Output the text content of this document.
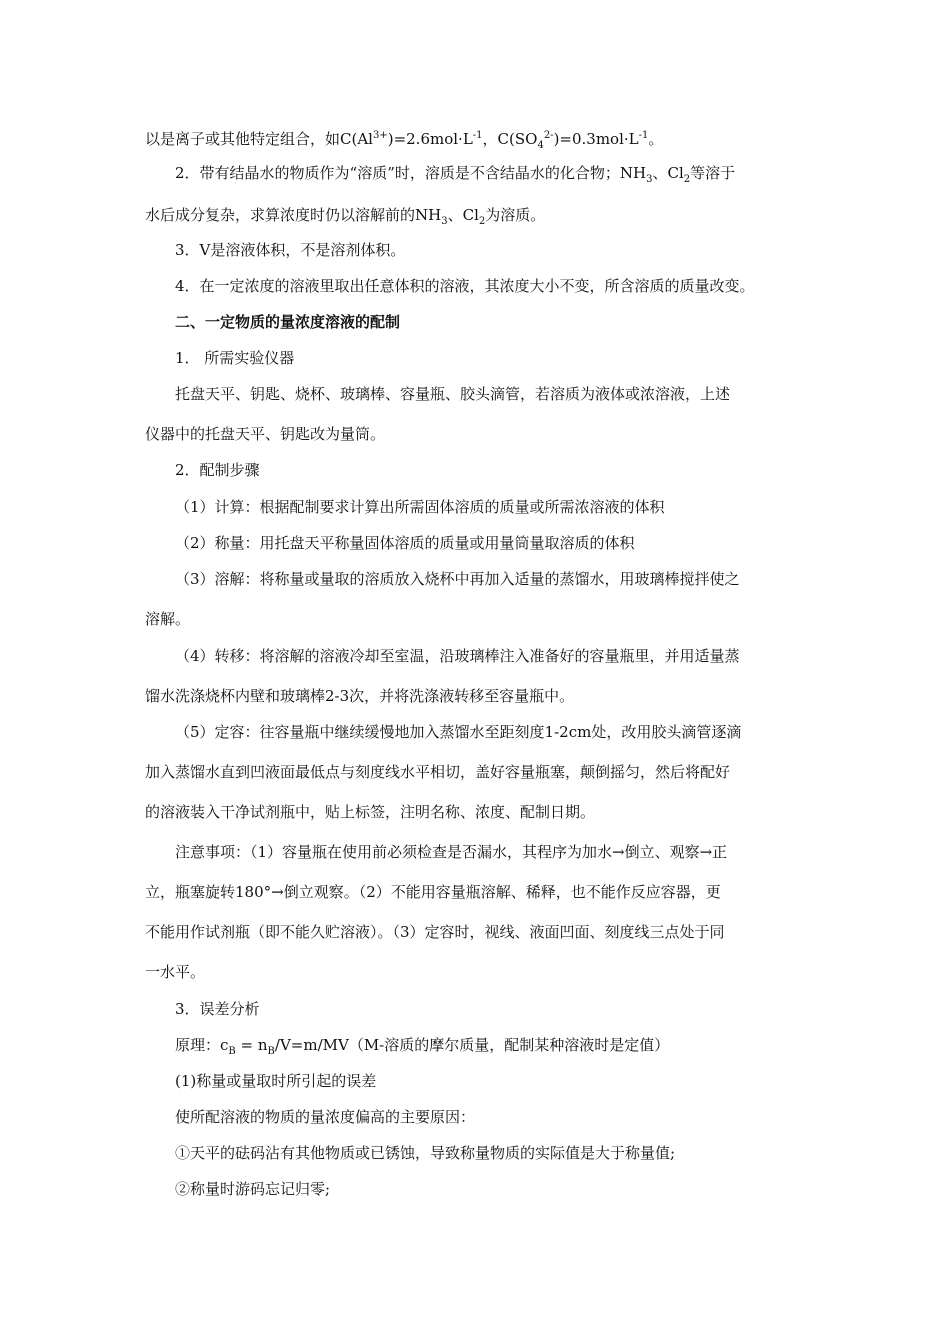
以是离子或其他特定组合，如$C(Al^{3+})=2.6mol\cdot L^{-1}$，$C(SO_4^{2-})=0.3mol\cdot L^{-1}$。
2．带有结晶水的物质作为“溶质”时，溶质是不含结晶水的化合物；$NH_3$、$Cl_2$等溶于
水后成分复杂，求算浓度时仍以溶解前的$NH_3$、$Cl_2$为溶质。
3．V是溶液体积，不是溶剂体积。
4．在一定浓度的溶液里取出任意体积的溶液，其浓度大小不变，所含溶质的质量改变。
二、一定物质的量浓度溶液的配制
1． 所需实验仪器
托盘天平、钥匙、烧杯、玻璃棒、容量瓶、胶头滴管，若溶质为液体或浓溶液，上述
仪器中的托盘天平、钥匙改为量筒。
2．配制步骤
（1）计算：根据配制要求计算出所需固体溶质的质量或所需浓溶液的体积
（2）称量：用托盘天平称量固体溶质的质量或用量筒量取溶质的体积
（3）溶解：将称量或量取的溶质放入烧杯中再加入适量的蒸馏水，用玻璃棒搅拌使之
溶解。
（4）转移：将溶解的溶液冷却至室温，沿玻璃棒注入准备好的容量瓶里，并用适量蒸
馏水洗涤烧杯内壁和玻璃棒2-3次，并将洗涤液转移至容量瓶中。
（5）定容：往容量瓶中继续缓慢地加入蒸馏水至距刻度1-2cm处，改用胶头滴管逐滴
加入蒸馏水直到凹液面最低点与刻度线水平相切，盖好容量瓶塞，颠倒摇匀，然后将配好
的溶液装入干净试剂瓶中，贴上标签，注明名称、浓度、配制日期。
注意事项：（1）容量瓶在使用前必须检查是否漏水，其程序为加水→倒立、观察→正
立，瓶塞旋转180°→倒立观察。（2）不能用容量瓶溶解、稀释，也不能作反应容器，更
不能用作试剂瓶（即不能久贮溶液）。（3）定容时，视线、液面凹面、刻度线三点处于同
一水平。
3．误差分析
原理：$c_B = n_B/V=m/MV(M-$溶质的摩尔质量，配制某种溶液时是定值）
(1)称量或量取时所引起的误差
使所配溶液的物质的量浓度偏高的主要原因：
①天平的砝码沾有其他物质或已锈蚀，导致称量物质的实际值是大于称量值;
②称量时游码忘记归零;
